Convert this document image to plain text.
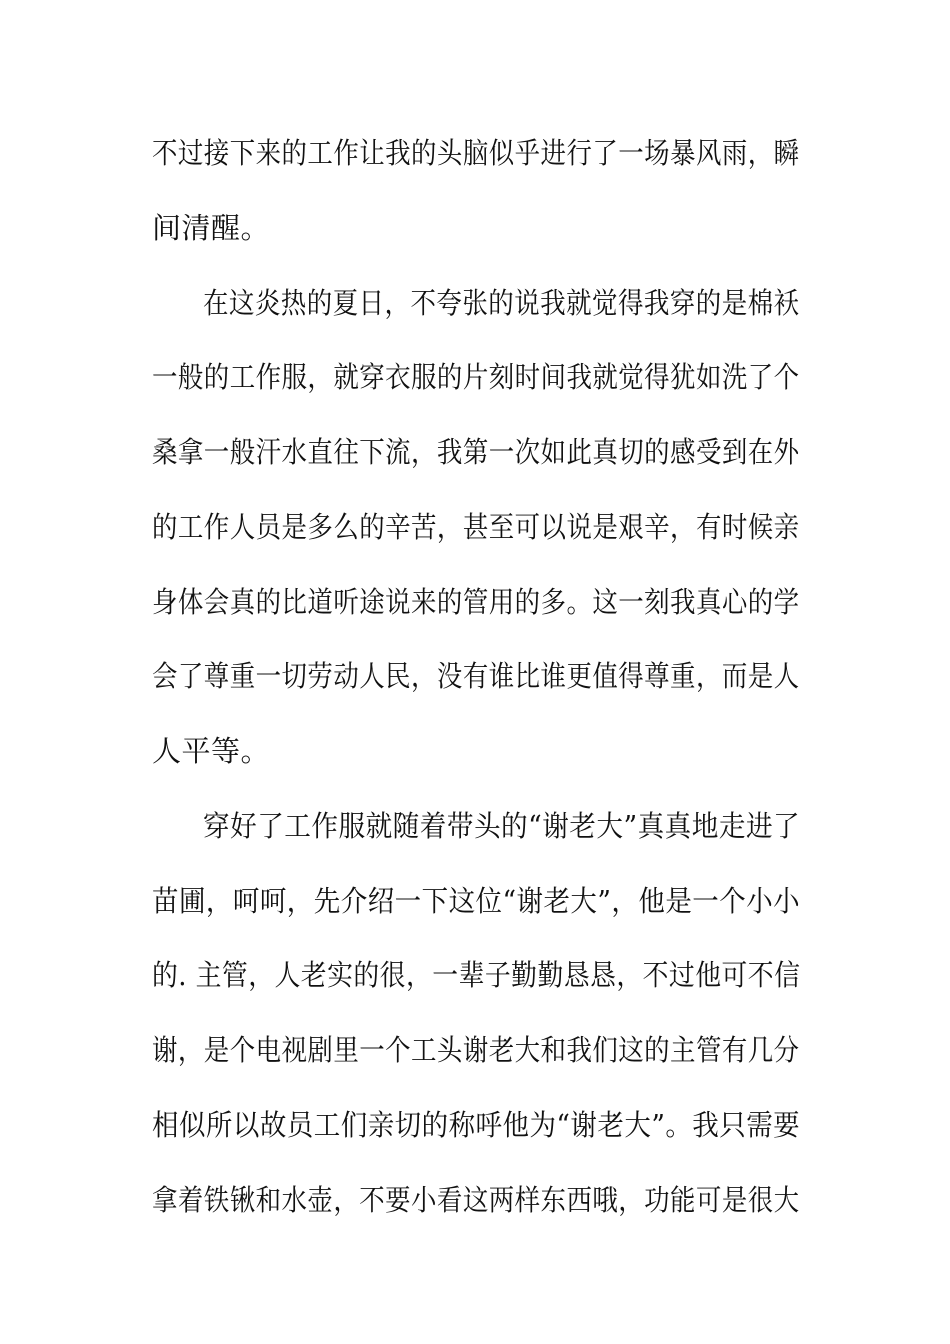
不过接下来的工作让我的头脑似乎进行了一场暴风雨，瞬
间清醒。
在这炎热的夏日，不夸张的说我就觉得我穿的是棉袄
一般的工作服，就穿衣服的片刻时间我就觉得犹如洗了个
桑拿一般汗水直往下流，我第一次如此真切的感受到在外
的工作人员是多么的辛苦，甚至可以说是艰辛，有时候亲
身体会真的比道听途说来的管用的多。这一刻我真心的学
会了尊重一切劳动人民，没有谁比谁更值得尊重，而是人
人平等。
穿好了工作服就随着带头的“谢老大”真真地走进了
苗圃，呵呵，先介绍一下这位“谢老大”，他是一个小小
的. 主管，人老实的很，一辈子勤勤恳恳，不过他可不信
谢，是个电视剧里一个工头谢老大和我们这的主管有几分
相似所以故员工们亲切的称呼他为“谢老大”。我只需要
拿着铁锹和水壶，不要小看这两样东西哦，功能可是很大
